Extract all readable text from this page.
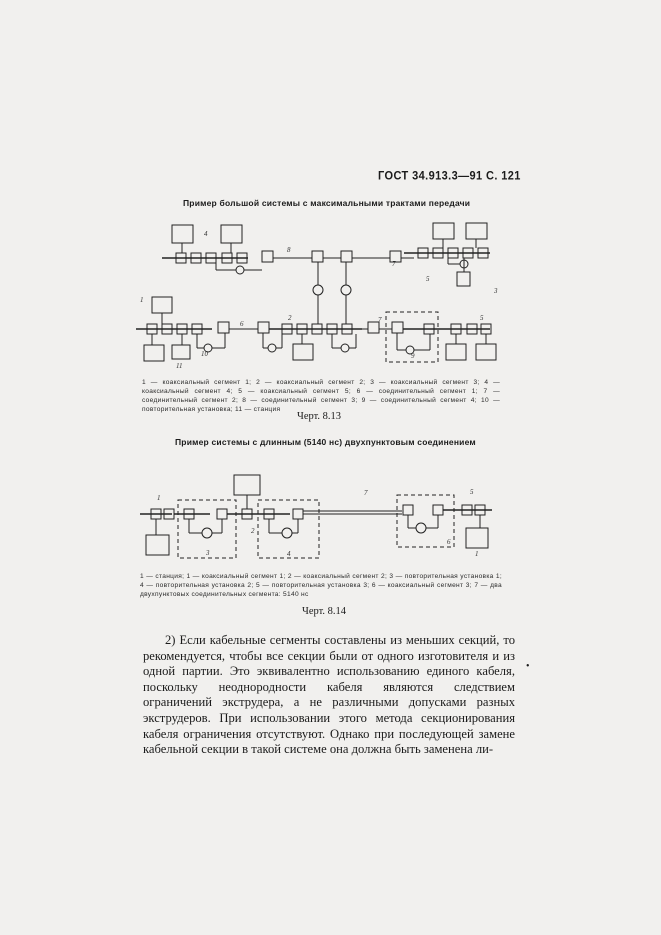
ГОСТ 34.913.3—91 С. 121
Пример большой системы с максимальными трактами передачи
1
4
8
5
6	7
2
3
5
9
10
11
7
1 — коаксиальный сегмент 1; 2 — коаксиальный сегмент 2; 3 — коаксиальный сегмент 3; 4 — коаксиальный сегмент 4; 5 — коаксиальный сегмент 5; 6 — соединительный сегмент 1; 7 — соединительный сегмент 2; 8 — соединительный сегмент 3; 9 — соединительный сегмент 4; 10 — повторительная установка; 11 — станция
Черт. 8.13
Пример системы с длинным (5140 нс) двухпунктовым соединением
1
2
7	5
3	4
6
1
1 — станция; 1 — коаксиальный сегмент 1; 2 — коаксиальный сегмент 2; 3 — повторительная установка 1; 4 — повторительная установка 2; 5 — повторительная установка 3; 6 — коаксиальный сегмент 3; 7 — два двухпунктовых соединительных сегмента: 5140 нс
Черт. 8.14
2) Если кабельные сегменты составлены из меньших секций, то рекомендуется, чтобы все секции были от одного изготовителя и из одной партии. Это эквивалентно использованию единого кабеля, поскольку неоднородности кабеля являются следствием ограничений экструдера, а не различными допусками разных экструдеров. При использовании этого метода секционирования кабеля ограничения отсутствуют. Однако при последующей замене кабельной секции в такой системе она должна быть заменена ли-
•
